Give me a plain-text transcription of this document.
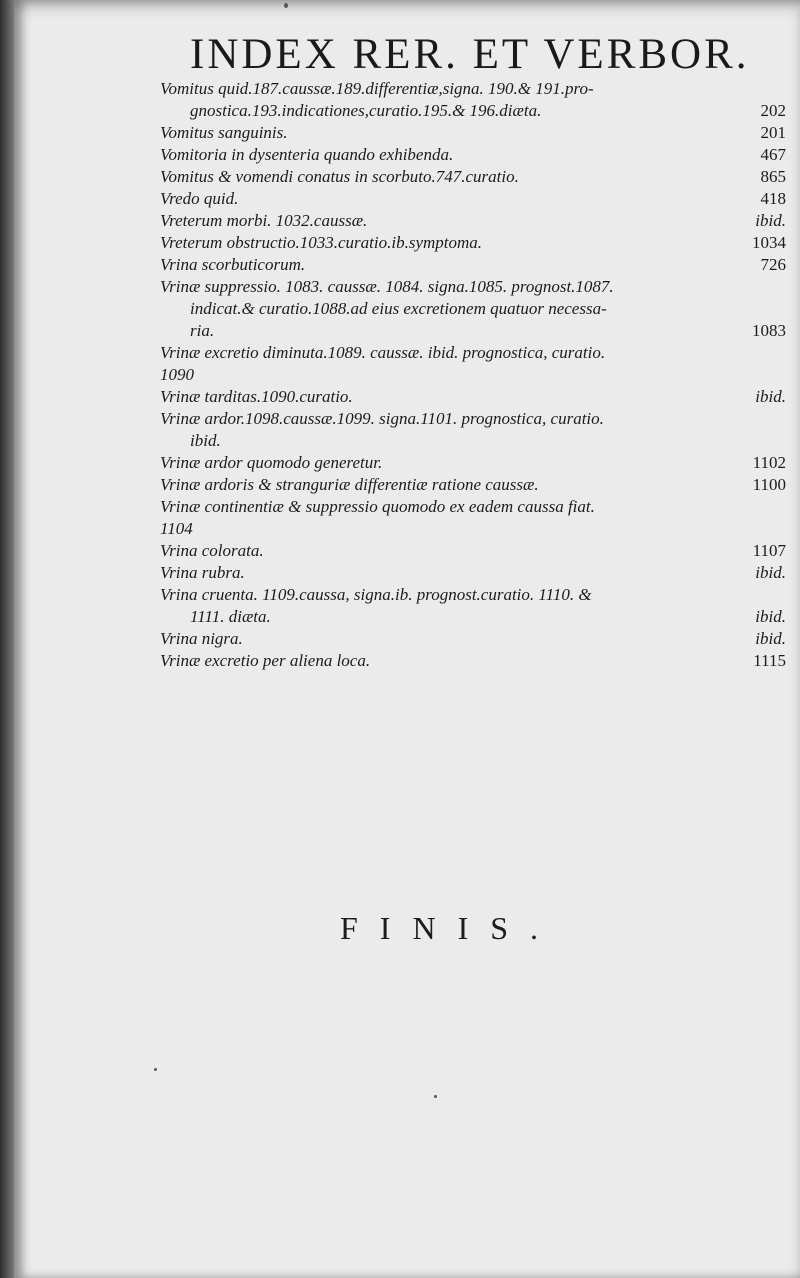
INDEX RER. ET VERBOR.
Vomitus quid.187.caussæ.189.differentiæ,signa. 190.& 191.pro-
gnostica.193.indicationes,curatio.195.& 196.diæta.	202
Vomitus sanguinis.	201
Vomitoria in dysenteria quando exhibenda.	467
Vomitus & vomendi conatus in scorbuto.747.curatio.	865
Vredo quid.	418
Vreterum morbi. 1032.caussæ.	ibid.
Vreterum obstructio.1033.curatio.ib.symptoma.	1034
Vrina scorbuticorum.	726
Vrinæ suppressio. 1083. caussæ. 1084. signa.1085. prognost.1087.
indicat.& curatio.1088.ad eius excretionem quatuor necessa-
ria.	1083
Vrinæ excretio diminuta.1089. caussæ. ibid. prognostica, curatio.
1090
Vrinæ tarditas.1090.curatio.	ibid.
Vrinæ ardor.1098.caussæ.1099. signa.1101. prognostica, curatio.
ibid.
Vrinæ ardor quomodo generetur.	1102
Vrinæ ardoris & stranguriæ differentiæ ratione caussæ.	1100
Vrinæ continentiæ & suppressio quomodo ex eadem caussa fiat.
1104
Vrina colorata.	1107
Vrina rubra.	ibid.
Vrina cruenta. 1109.caussa, signa.ib. prognost.curatio. 1110. &
1111. diæta.	ibid.
Vrina nigra.	ibid.
Vrinæ excretio per aliena loca.	1115
FINIS.
